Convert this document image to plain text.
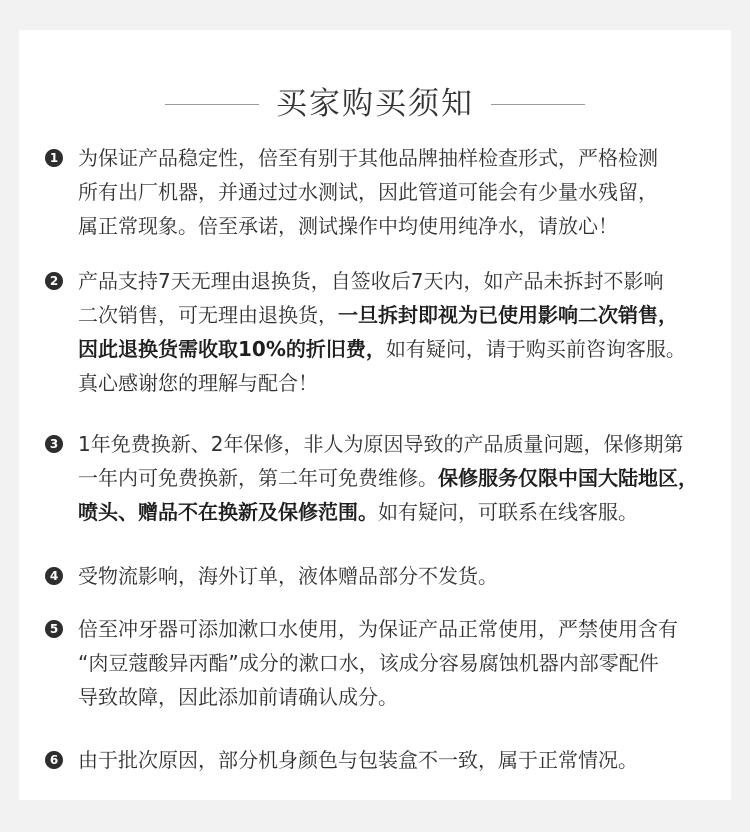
买家购买须知
1 为保证产品稳定性，倍至有别于其他品牌抽样检查形式，严格检测
所有出厂机器，并通过过水测试，因此管道可能会有少量水残留，
属正常现象。倍至承诺，测试操作中均使用纯净水，请放心！
2 产品支持7天无理由退换货，自签收后7天内，如产品未拆封不影响
二次销售，可无理由退换货，一旦拆封即视为已使用影响二次销售，
因此退换货需收取10%的折旧费，如有疑问，请于购买前咨询客服。
真心感谢您的理解与配合！
3 1年免费换新、2年保修，非人为原因导致的产品质量问题，保修期第
一年内可免费换新，第二年可免费维修。保修服务仅限中国大陆地区，
喷头、赠品不在换新及保修范围。如有疑问，可联系在线客服。
4 受物流影响，海外订单，液体赠品部分不发货。
5 倍至冲牙器可添加漱口水使用，为保证产品正常使用，严禁使用含有
“肉豆蔻酸异丙酯”成分的漱口水，该成分容易腐蚀机器内部零配件
导致故障，因此添加前请确认成分。
6 由于批次原因，部分机身颜色与包装盒不一致，属于正常情况。
